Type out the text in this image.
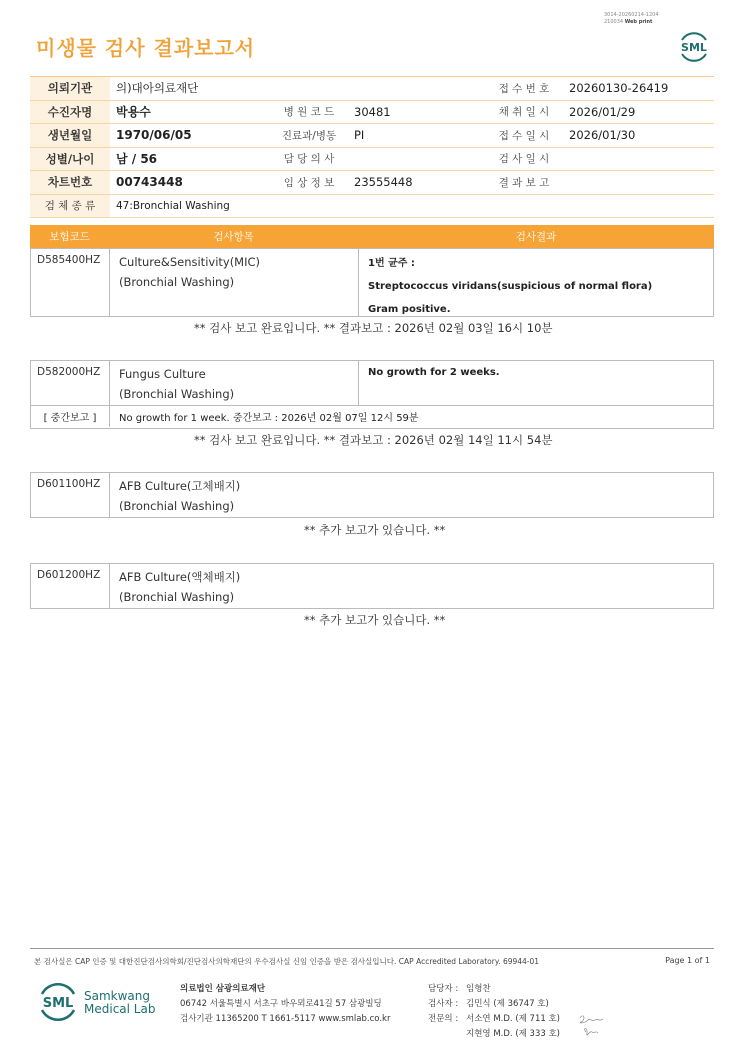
3014-20260214-1204
210034 Web print
미생물 검사 결과보고서	SML
의뢰기관	의)대아의료재단			접 수 번 호	20260130-26419
수진자명	박용수	병 원 코 드	30481	채 취 일 시	2026/01/29
생년월일	1970/06/05	진료과/병동	PI	접 수 일 시	2026/01/30
성별/나이	남 / 56	담 당 의 사		검 사 일 시	
차트번호	00743448	임 상 정 보	23555448	결 과 보 고	
검 체 종 류	47:Bronchial Washing				
보험코드	검사항목	검사결과
D585400HZ	Culture&Sensitivity(MIC)
(Bronchial Washing)
1번 균주 :
Streptococcus viridans(suspicious of normal flora)
Gram positive.
** 검사 보고 완료입니다. ** 결과보고 : 2026년 02월 03일 16시 10분
D582000HZ	Fungus Culture
(Bronchial Washing)
No growth for 2 weeks.
[ 중간보고 ]	No growth for 1 week. 중간보고 : 2026년 02월 07일 12시 59분
** 검사 보고 완료입니다. ** 결과보고 : 2026년 02월 14일 11시 54분
D601100HZ	AFB Culture(고체배지)
(Bronchial Washing)
** 추가 보고가 있습니다. **
D601200HZ	AFB Culture(액체배지)
(Bronchial Washing)
** 추가 보고가 있습니다. **
본 검사실은 CAP 인증 및 대한진단검사의학회/진단검사의학재단의 우수검사실 신임 인증을 받은 검사실입니다. CAP Accredited Laboratory. 69944-01	Page 1 of 1
SML Samkwang
Medical Lab
의료법인 삼광의료재단
06742 서울특별시 서초구 바우뫼로41길 57 삼광빌딩
검사기관 11365200 T 1661-5117 www.smlab.co.kr
담당자 : 임형찬
검사자 : 김민식 (제 36747 호)
전문의 : 서소연 M.D. (제 711 호)
지현영 M.D. (제 333 호)
